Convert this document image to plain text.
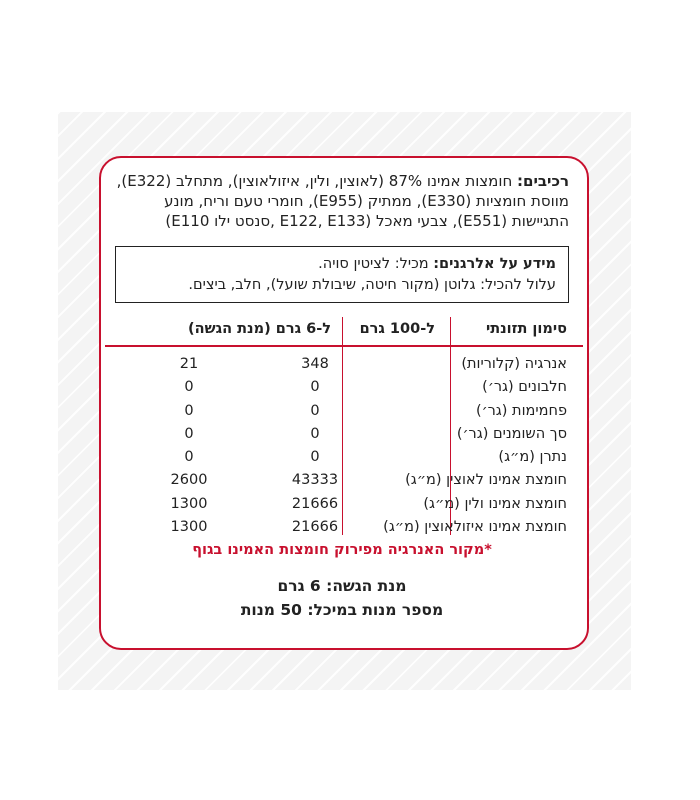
רכיבים: חומצות אמינו 87% (לאוצין, ולין, איזולאוצין), מתחלב (E322), מווסת חומציות (E330), ממתיק (E955), חומרי טעם וריח, מונע התגיישות (E551), צבעי מאכל (E122, E133 ,סנסט ילו E110)
מידע על אלרגנים: מכיל: לציטין סויה.
עלול להכיל: גלוטן (מקור חיטה, שיבולת שועל), חלב, ביצים.
סימון תזונתי
ל-100 גרם
ל-6 גרם (מנת הגשה)
אנרגיה (קלוריות)
348
21
חלבונים (גר׳)
0
0
פחמימות (גר׳)
0
0
סך השומנים (גר׳)
0
0
נתרן (מ״ג)
0
0
חומצת אמינו לאוצין (מ״ג)
43333
2600
חומצת אמינו ולין (מ״ג)
21666
1300
חומצת אמינו איזולאוצין (מ״ג)
21666
1300
*מקור האנרגיה מפירוק חומצות האמינו בגוף
מנת הגשה: 6 גרם
מספר מנות במיכל: 50 מנות
